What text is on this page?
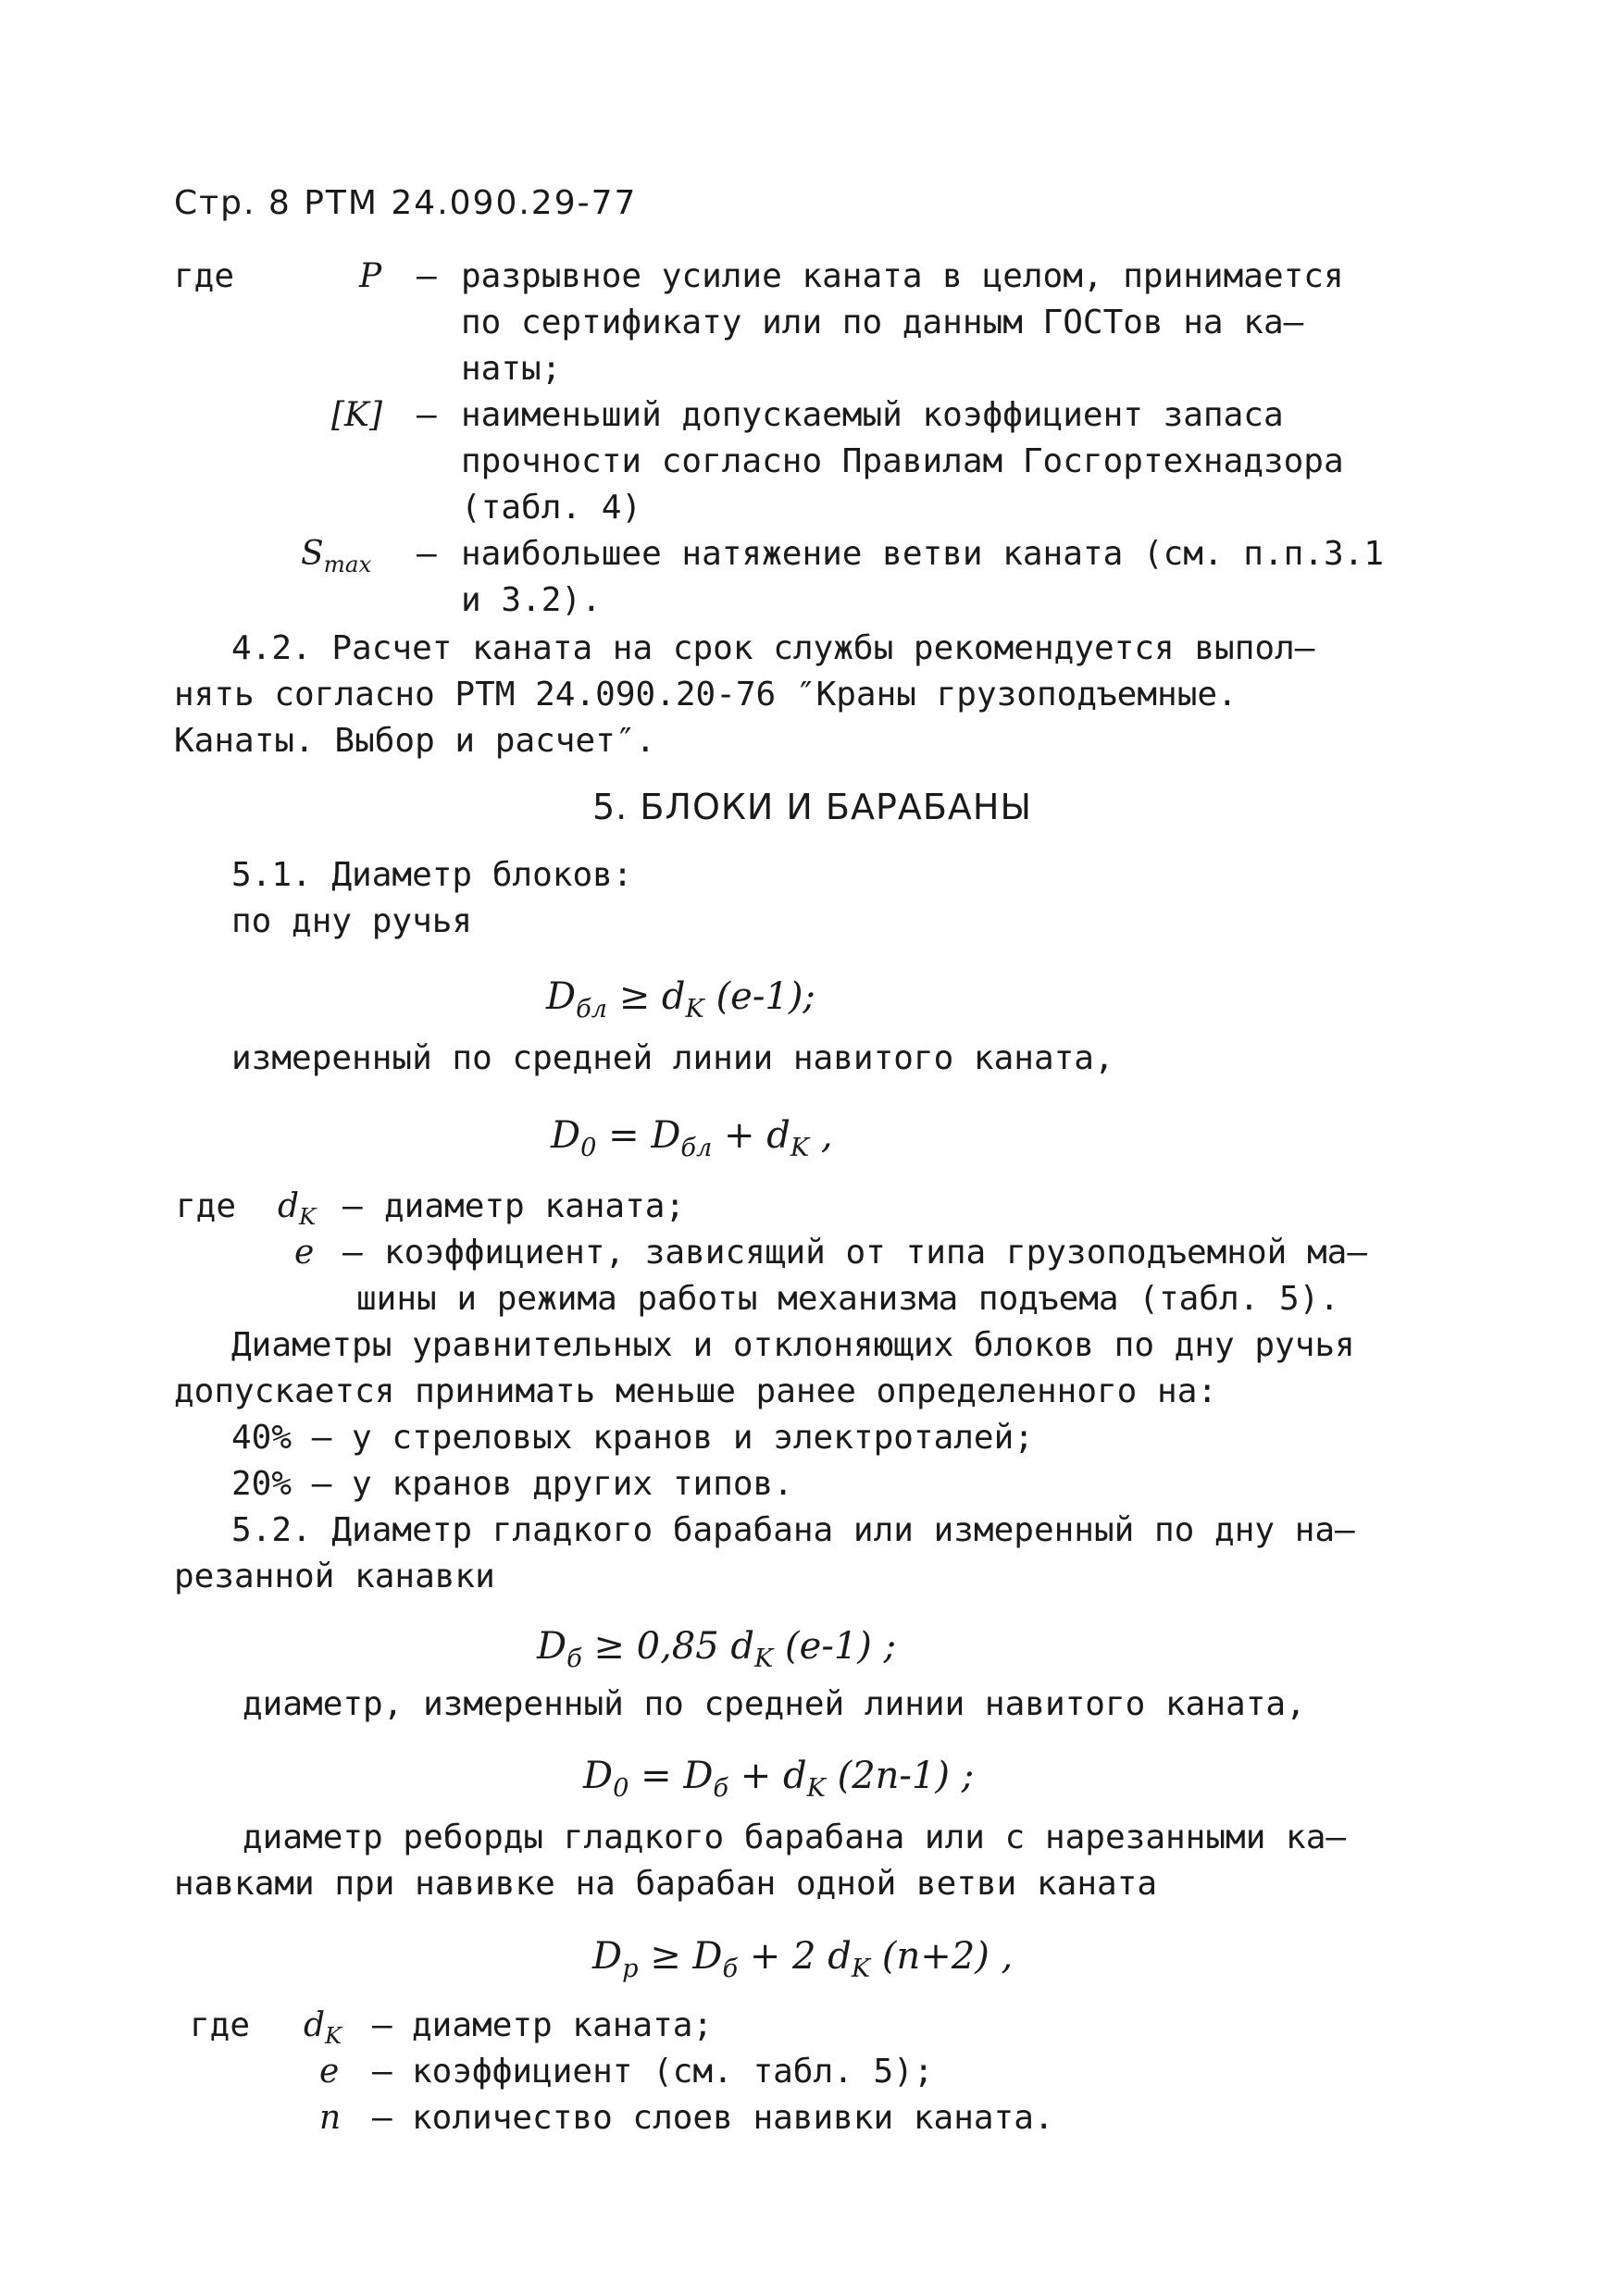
Стр. 8 РТМ 24.090.29-77
где	P – разрывное усилие каната в целом, принимается
по сертификату или по данным ГОСТов на ка–
наты;
[K] – наименьший допускаемый коэффициент запаса
прочности согласно Правилам Госгортехнадзора
(табл. 4)
$S_{max}$ – наибольшее натяжение ветви каната (см. п.п.3.1
и 3.2).
4.2. Расчет каната на срок службы рекомендуется выпол–
нять согласно РТМ 24.090.20-76 ″Краны грузоподъемные.
Канаты. Выбор и расчет″.
5. БЛОКИ И БАРАБАНЫ
5.1. Диаметр блоков:
по дну ручья
$D_{бл} \ge d_K$ (e-1);
измеренный по средней линии навитого каната,
$D_0 = D_{бл} + d_K$ ,
где $d_K$ – диаметр каната;
e – коэффициент, зависящий от типа грузоподъемной ма–
шины и режима работы механизма подъема (табл. 5).
Диаметры уравнительных и отклоняющих блоков по дну ручья
допускается принимать меньше ранее определенного на:
40% – у стреловых кранов и электроталей;
20% – у кранов других типов.
5.2. Диаметр гладкого барабана или измеренный по дну на–
резанной канавки
$D_б \ge 0,85$ $d_K$ (e-1) ;
диаметр, измеренный по средней линии навитого каната,
$D_0 = D_б + d_K$ (2n-1) ;
диаметр реборды гладкого барабана или с нарезанными ка–
навками при навивке на барабан одной ветви каната
$D_р \ge D_б + 2$ $d_K$ (n+2) ,
где $d_K$ – диаметр каната;
e – коэффициент (см. табл. 5);
n – количество слоев навивки каната.
